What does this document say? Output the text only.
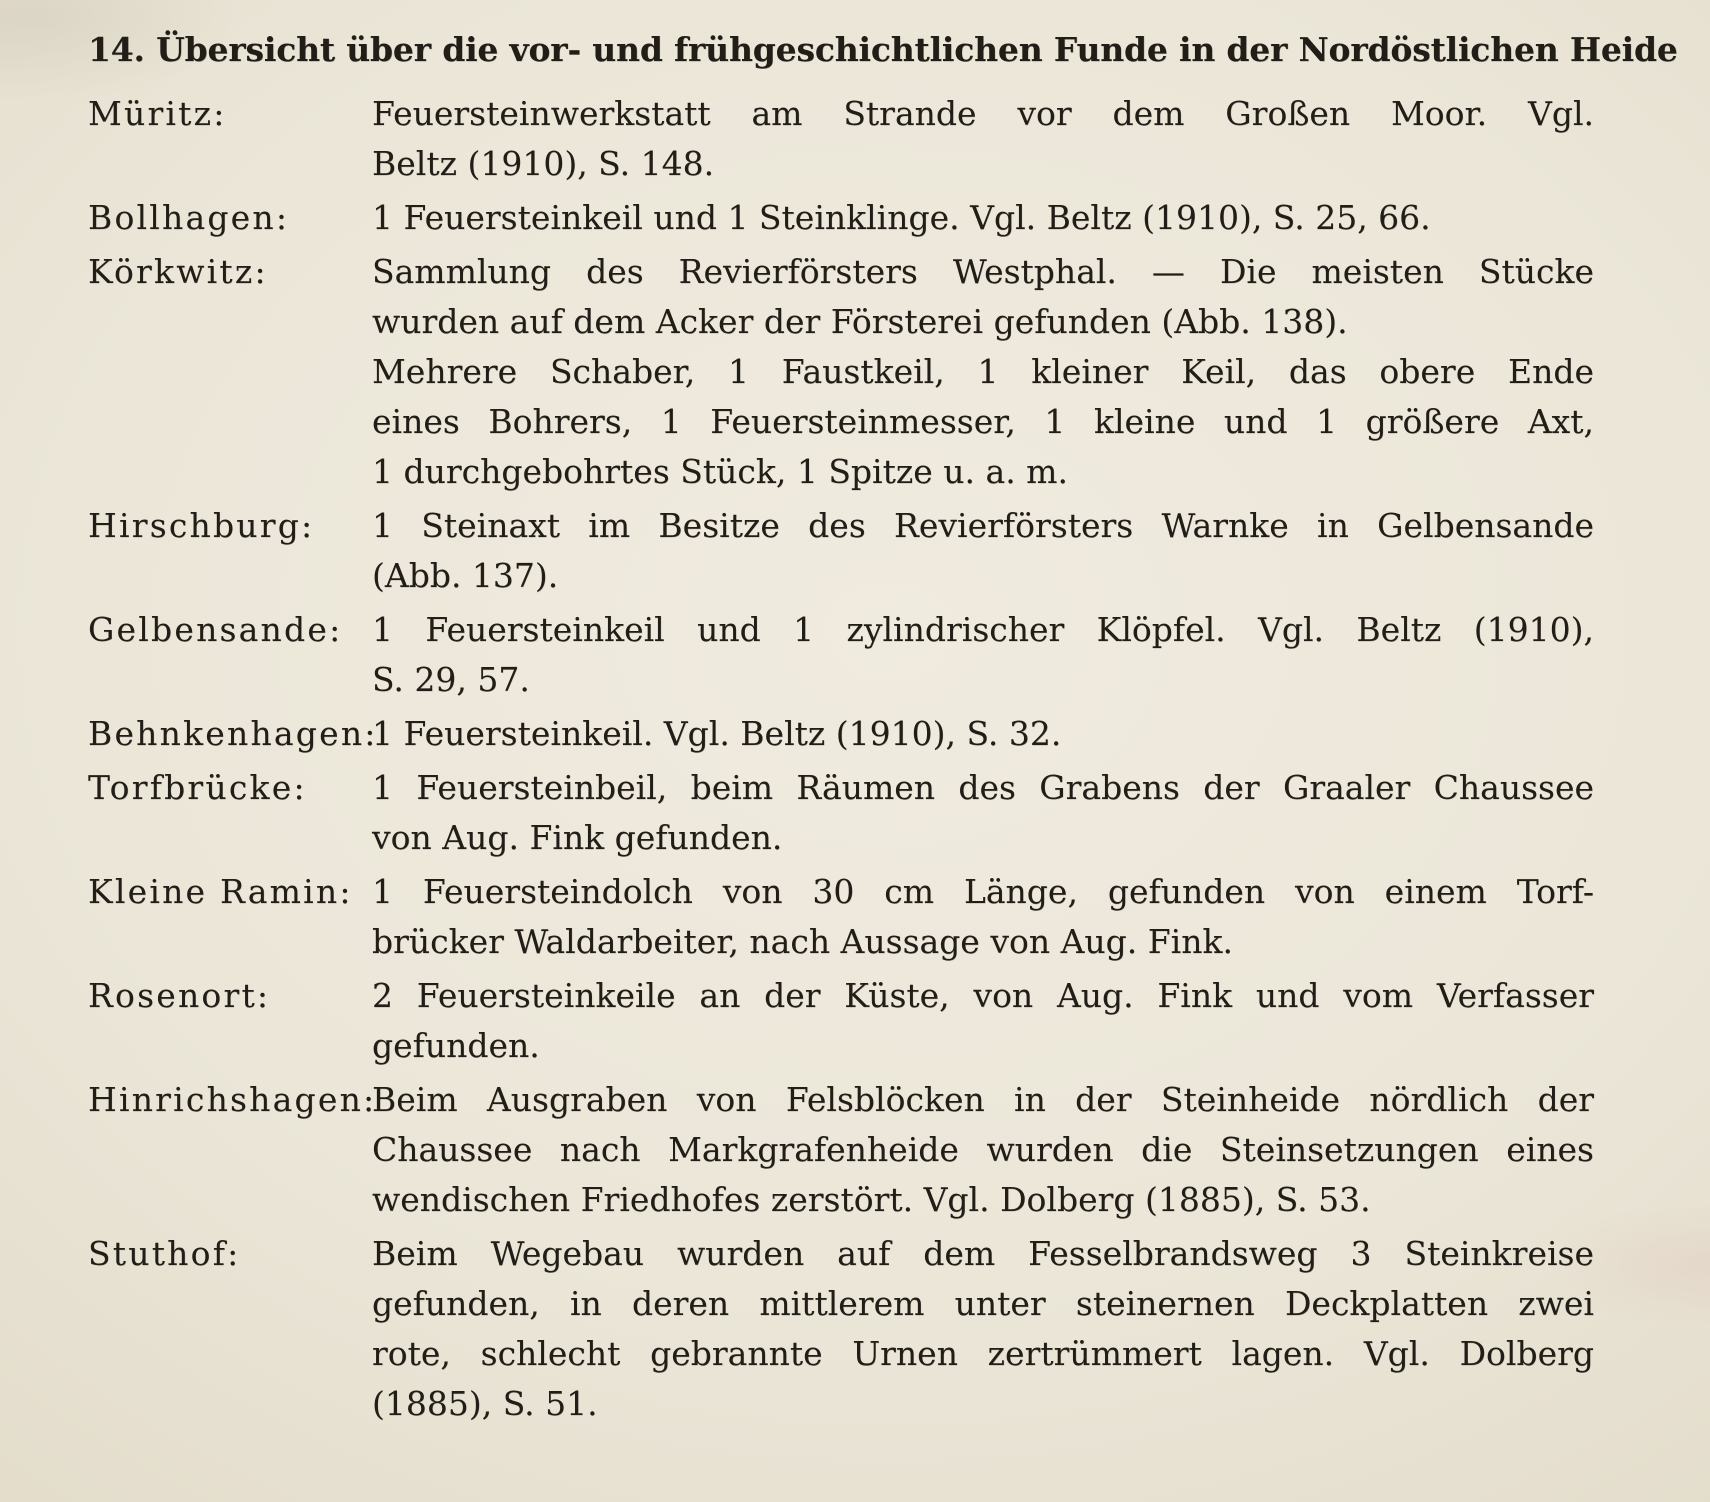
14. Übersicht über die vor- und frühgeschichtlichen Funde in der Nordöstlichen Heide
Müritz:	Feuersteinwerkstatt am Strande vor dem Großen Moor. Vgl.
Beltz (1910), S. 148.
Bollhagen:	1 Feuersteinkeil und 1 Steinklinge. Vgl. Beltz (1910), S. 25, 66.
Körkwitz:	Sammlung des Revierförsters Westphal. — Die meisten Stücke
wurden auf dem Acker der Försterei gefunden (Abb. 138).
Mehrere Schaber, 1 Faustkeil, 1 kleiner Keil, das obere Ende
eines Bohrers, 1 Feuersteinmesser, 1 kleine und 1 größere Axt,
1 durchgebohrtes Stück, 1 Spitze u. a. m.
Hirschburg:	1 Steinaxt im Besitze des Revierförsters Warnke in Gelbensande
(Abb. 137).
Gelbensande: 1 Feuersteinkeil und 1 zylindrischer Klöpfel. Vgl. Beltz (1910),
S. 29, 57.
Behnkenhagen:
1 Feuersteinkeil. Vgl. Beltz (1910), S. 32.
Torfbrücke:	1 Feuersteinbeil, beim Räumen des Grabens der Graaler Chaussee
von Aug. Fink gefunden.
Kleine Ramin: 1 Feuersteindolch von 30 cm Länge, gefunden von einem Torf-
brücker Waldarbeiter, nach Aussage von Aug. Fink.
Rosenort:	2 Feuersteinkeile an der Küste, von Aug. Fink und vom Verfasser
gefunden.
Hinrichshagen:
Beim Ausgraben von Felsblöcken in der Steinheide nördlich der
Chaussee nach Markgrafenheide wurden die Steinsetzungen eines
wendischen Friedhofes zerstört. Vgl. Dolberg (1885), S. 53.
Stuthof:	Beim Wegebau wurden auf dem Fesselbrandsweg 3 Steinkreise
gefunden, in deren mittlerem unter steinernen Deckplatten zwei
rote, schlecht gebrannte Urnen zertrümmert lagen. Vgl. Dolberg
(1885), S. 51.
